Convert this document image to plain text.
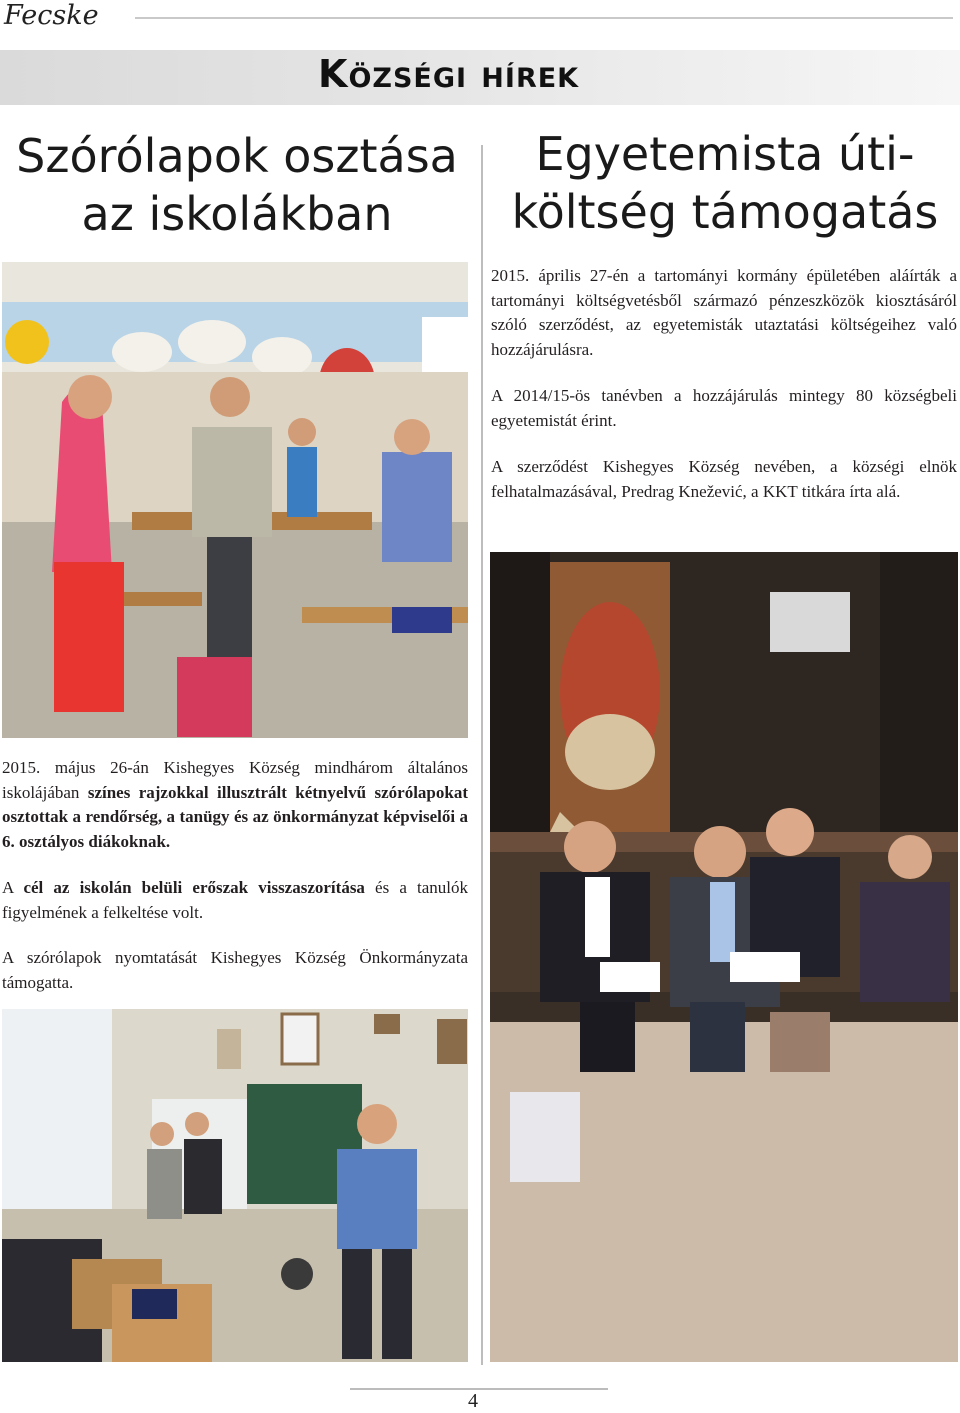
Fecske
Községi hírek
Szórólapok osztása
az iskolákban
Egyetemista úti-
költség támogatás

2015. április 27-én a tartományi kormány épületében aláírták a tartományi költségvetésből származó pénzeszközök kiosztásáról szóló szerződést, az egyetemisták utaztatási költségeihez való hozzájárulásra.

A 2014/15-ös tanévben a hozzájárulás mintegy 80 községbeli egyetemistát érint.

A szerződést Kishegyes Község nevében, a községi elnök felhatalmazásával, Predrag Knežević, a KKT titkára írta alá.

2015. május 26-án Kishegyes Község mindhárom általános iskolájában színes rajzokkal illusztrált kétnyelvű szórólapokat osztottak a rendőrség, a tanügy és az önkormányzat képviselői a 6. osztályos diákoknak.

A cél az iskolán belüli erőszak visszaszorítása és a tanulók figyelmének a felkeltése volt.

A szórólapok nyomtatását Kishegyes Község Önkormányzata támogatta.

4
